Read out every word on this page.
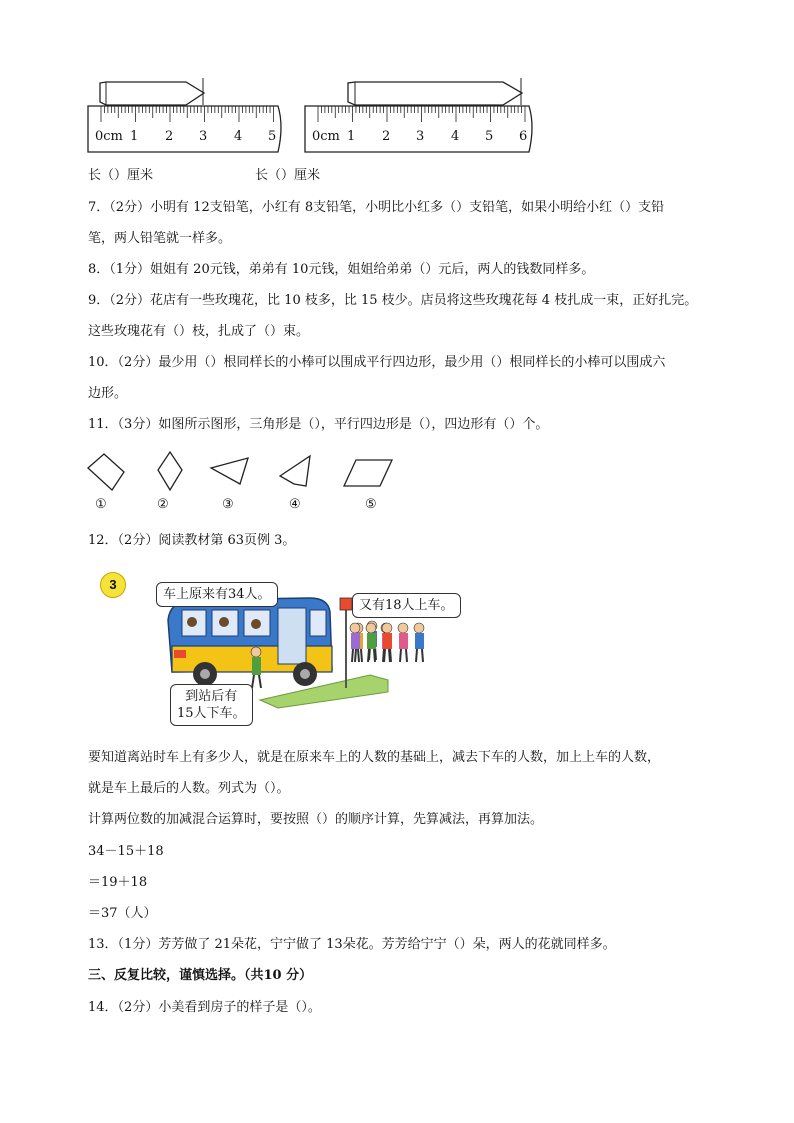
0cm 1 2 3 4 5	0cm 1 2 3 4 5 6
长（）厘米	长（）厘米
7．（2分）小明有 12支铅笔，小红有 8支铅笔，小明比小红多（）支铅笔，如果小明给小红（）支铅
笔，两人铅笔就一样多。
8．（1分）姐姐有 20元钱，弟弟有 10元钱，姐姐给弟弟（）元后，两人的钱数同样多。
9．（2分）花店有一些玫瑰花，比 10 枝多，比 15 枝少。店员将这些玫瑰花每 4 枝扎成一束，正好扎完。
这些玫瑰花有（）枝，扎成了（）束。
10．（2分）最少用（）根同样长的小棒可以围成平行四边形，最少用（）根同样长的小棒可以围成六
边形。
11．（3分）如图所示图形，三角形是（），平行四边形是（），四边形有（）个。
①	②	③	④	⑤
12．（2分）阅读教材第 63页例 3。
3
车上原来有34人。
又有18人上车。
到站后有
15人下车。
要知道离站时车上有多少人，就是在原来车上的人数的基础上，减去下车的人数，加上上车的人数，
就是车上最后的人数。列式为（）。
计算两位数的加减混合运算时，要按照（）的顺序计算，先算减法，再算加法。
34－15＋18
＝19＋18
＝37（人）
13．（1分）芳芳做了 21朵花，宁宁做了 13朵花。芳芳给宁宁（）朵，两人的花就同样多。
三、反复比较，谨慎选择。（共10 分）
14．（2分）小美看到房子的样子是（）。
